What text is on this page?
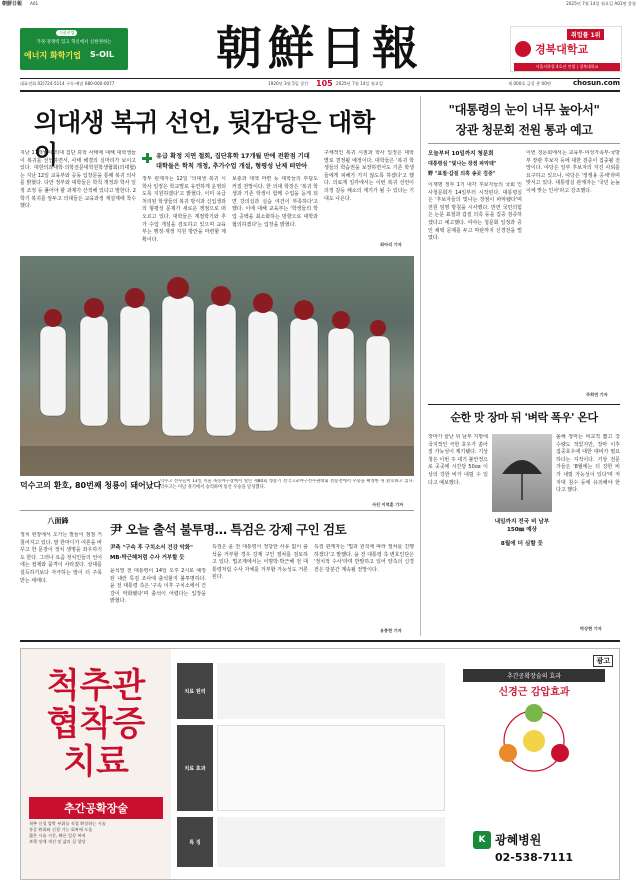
朝鮮日報 A01	2025년 7월 14일 월요일 A01면 종합
식품산업
가정·경쟁력 있고 혁신에서 신한정하는
에너지 화학기업 S-OIL	朝鮮日報	취업률 1위
경북대학교
서울지하철 4호선 인접 | 경북대학교
대표전화 02)724-5114 구독·배달 080-000-0077	1920년 3월 5일 창간 105 2025년 7월 14일 월요일	제 000호 금강 총 00면	chosun.com
의대생 복귀 선언, 뒷감당은 대학이
지난 17개월여 의대 집단 휴학 사태에 대해 대학생들이 복귀를 선언하면서, 사태 해결의 실마리가 보이고 있다. 대한의과대학·의학전문대학원학생협회(의대협)는 지난 12일 교육부와 공동 입장문을 통해 복귀 의사를 밝혔다. 다만 정부와 대학들은 학칙 개정과 학사 일정 조정 등 풀어야 할 과제가 산적해 있다고 말한다. 2학기 복귀를 앞두고 의대들은 교육과정 재설계에 착수했다.
유급 확정 지연 철회, 집단휴학 17개월 만에 전환점 기대
대학들은 학칙 개정, 추가수업 개설, 형평성 난제 떠안아
정부 관계자는 12일 '의대생 복귀 시 학사 일정은 학교별로 유연하게 운영되도록 지원하겠다'고 밝혔다. 이미 유급 처리된 학생들의 복귀 방식과 신입생과의 형평성 문제가 새로운 쟁점으로 떠오르고 있다. 대학들은 계절학기와 추가 수업 개설을 검토하고 있으며 교육부는 행정·재정 지원 방안을 마련할 계획이다.
보충과 대책 마련 등 대학들의 부담도 커질 전망이다. 한 의대 학장은 '복귀 학생과 기존 학생이 함께 수업을 듣게 되면 강의실과 실습 여건이 부족하다'고 했다. 이에 대해 교육부는 '학생들의 학업 공백을 최소화하는 방향으로 대학과 협의하겠다'는 입장을 밝혔다.
구체적인 복귀 시점과 학사 일정은 대학별로 결정될 예정이다. 대학들은 '복귀 학생들의 학습권을 보장하면서도 기존 학생들에게 피해가 가지 않도록 하겠다'고 했다. 의료계 일각에서는 이번 복귀 선언이 의정 갈등 해소의 계기가 될 수 있다는 기대도 나온다.
최아리 기자
덕수고의 환호, 80번째 청룡이 돼어났다
덕수고 선수들이 13일 서울 목동야구장에서 열린 제80회 청룡기 전국고교야구선수권대회 결승전에서 우승을 확정한 뒤 환호하고 있다. 덕수고는 이날 경기에서 승리하며 통산 우승을 달성했다.
사진 이덕훈 기자
"대통령의 눈이 너무 높아서"
장관 청문회 전원 통과 예고
오늘부터 10일까지 청문회
대통령실 "빛나는 장점 파악돼"
野 "표절·갑질 의혹 송곳 검증"
이재명 정부 1기 내각 후보자들의 국회 인사청문회가 14일부터 시작된다. 대통령실은 '후보자들의 빛나는 장점이 파악됐다'며 전원 임명 방침을 시사했다. 반면 국민의힘은 논문 표절과 갑질 의혹 등을 집중 검증하겠다고 예고했다. 여야는 청문회 일정과 증인 채택 문제를 두고 막판까지 신경전을 벌였다.
이번 청문회에서는 교육부·여성가족부·국방부 장관 후보자 등에 대한 검증이 집중될 전망이다. 야당은 일부 후보자의 자진 사퇴를 요구하고 있으나, 여당은 '정쟁용 공세'라며 맞서고 있다. 대통령실 관계자는 '국민 눈높이에 맞는 인사'라고 강조했다.
주희연 기자
순한 맛 장마 뒤 '벼락 폭우' 온다
장마가 끝난 뒤 남부 지방에 국지적인 극한 호우가 쏟아질 가능성이 제기됐다. 기상청은 이번 주 대기 불안정으로 곳곳에 시간당 50㎜ 이상의 강한 비가 내릴 수 있다고 예보했다.
내일까지 전국 비 남부 150㎜ 예상
8월에 더 심할 듯
올해 장마는 비교적 짧고 강수량도 적었지만, 장마 이후 집중호우에 대한 대비가 필요하다는 지적이다. 기상 전문가들은 '8월에는 더 강한 비가 내릴 가능성이 있다'며 저지대 침수 등에 유의해야 한다고 했다.
박상현 기자
八面鋒
정치 현장에서 오가는 말들이 점점 거칠어지고 있다. 말 한마디가 여론을 바꾸고 한 문장이 정치 생명을 좌우하기도 한다. 그러나 요즘 정치인들의 언어에는 절제와 품격이 사라졌다. 상대를 설득하기보다 자극하는 말이 더 주목받는 세태다.
尹 오늘 출석 불투명… 특검은 강제 구인 검토
尹측 "구속 후 구치소서 건강 악화"
MB·박근혜처럼 수사 거부할 듯
윤석열 전 대통령이 14일 오후 2시로 예정된 내란 특검 조사에 출석할지 불투명하다. 윤 전 대통령 측은 '구속 이후 구치소에서 건강이 악화됐다'며 출석이 어렵다는 입장을 밝혔다.
특검은 윤 전 대통령이 정당한 사유 없이 출석을 거부할 경우 강제 구인 절차를 검토하고 있다. 법조계에서는 이명박·박근혜 전 대통령처럼 수사 자체를 거부할 가능성도 거론된다.
특검 관계자는 '법과 원칙에 따라 절차를 진행하겠다'고 말했다. 윤 전 대통령 측 변호인단은 '정치적 수사'라며 반발하고 있어 양측의 신경전은 당분간 계속될 전망이다.
유종헌 기자
척추관 협착증 치료
추간공확장술
척추 신경 압박 부위를 직접 확장하는 시술
통증 완화와 신경 기능 회복에 도움
짧은 시술 시간, 빠른 일상 복귀
보행 장애 개선 및 삶의 질 향상
치료 원리
치료 효과
특 징
광고
추간공확장술의 효과
신경근 감압효과
K 광혜병원
02-538-7111
